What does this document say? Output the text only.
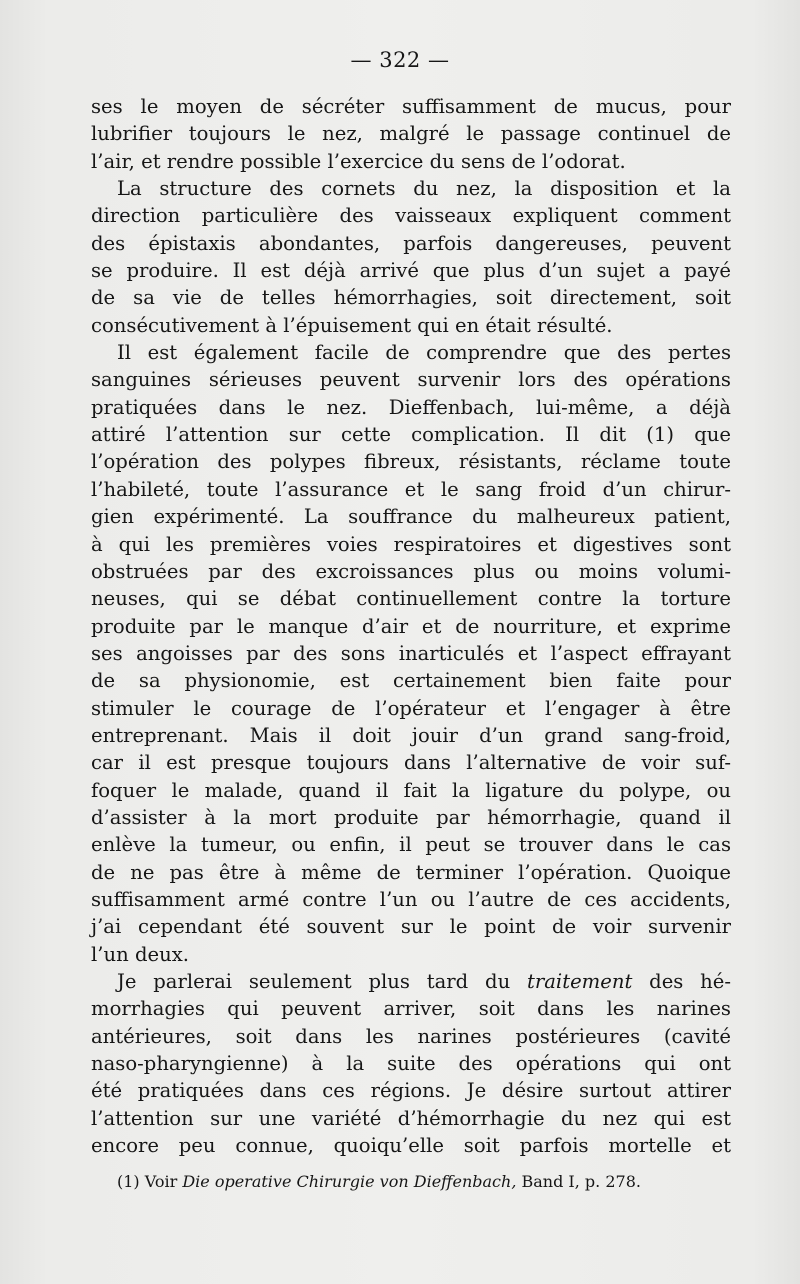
— 322 —
ses le moyen de sécréter suffisamment de mucus, pour
lubrifier toujours le nez, malgré le passage continuel de
l’air, et rendre possible l’exercice du sens de l’odorat.
La structure des cornets du nez, la disposition et la
direction particulière des vaisseaux expliquent comment
des épistaxis abondantes, parfois dangereuses, peuvent
se produire. Il est déjà arrivé que plus d’un sujet a payé
de sa vie de telles hémorrhagies, soit directement, soit
consécutivement à l’épuisement qui en était résulté.
Il est également facile de comprendre que des pertes
sanguines sérieuses peuvent survenir lors des opérations
pratiquées dans le nez. Dieffenbach, lui-même, a déjà
attiré l’attention sur cette complication. Il dit (1) que
l’opération des polypes fibreux, résistants, réclame toute
l’habileté, toute l’assurance et le sang froid d’un chirur-
gien expérimenté. La souffrance du malheureux patient,
à qui les premières voies respiratoires et digestives sont
obstruées par des excroissances plus ou moins volumi-
neuses, qui se débat continuellement contre la torture
produite par le manque d’air et de nourriture, et exprime
ses angoisses par des sons inarticulés et l’aspect effrayant
de sa physionomie, est certainement bien faite pour
stimuler le courage de l’opérateur et l’engager à être
entreprenant. Mais il doit jouir d’un grand sang-froid,
car il est presque toujours dans l’alternative de voir suf-
foquer le malade, quand il fait la ligature du polype, ou
d’assister à la mort produite par hémorrhagie, quand il
enlève la tumeur, ou enfin, il peut se trouver dans le cas
de ne pas être à même de terminer l’opération. Quoique
suffisamment armé contre l’un ou l’autre de ces accidents,
j’ai cependant été souvent sur le point de voir survenir
l’un deux.
Je parlerai seulement plus tard du traitement des hé-
morrhagies qui peuvent arriver, soit dans les narines
antérieures, soit dans les narines postérieures (cavité
naso-pharyngienne) à la suite des opérations qui ont
été pratiquées dans ces régions. Je désire surtout attirer
l’attention sur une variété d’hémorrhagie du nez qui est
encore peu connue, quoiqu’elle soit parfois mortelle et
(1) Voir Die operative Chirurgie von Dieffenbach, Band I, p. 278.
